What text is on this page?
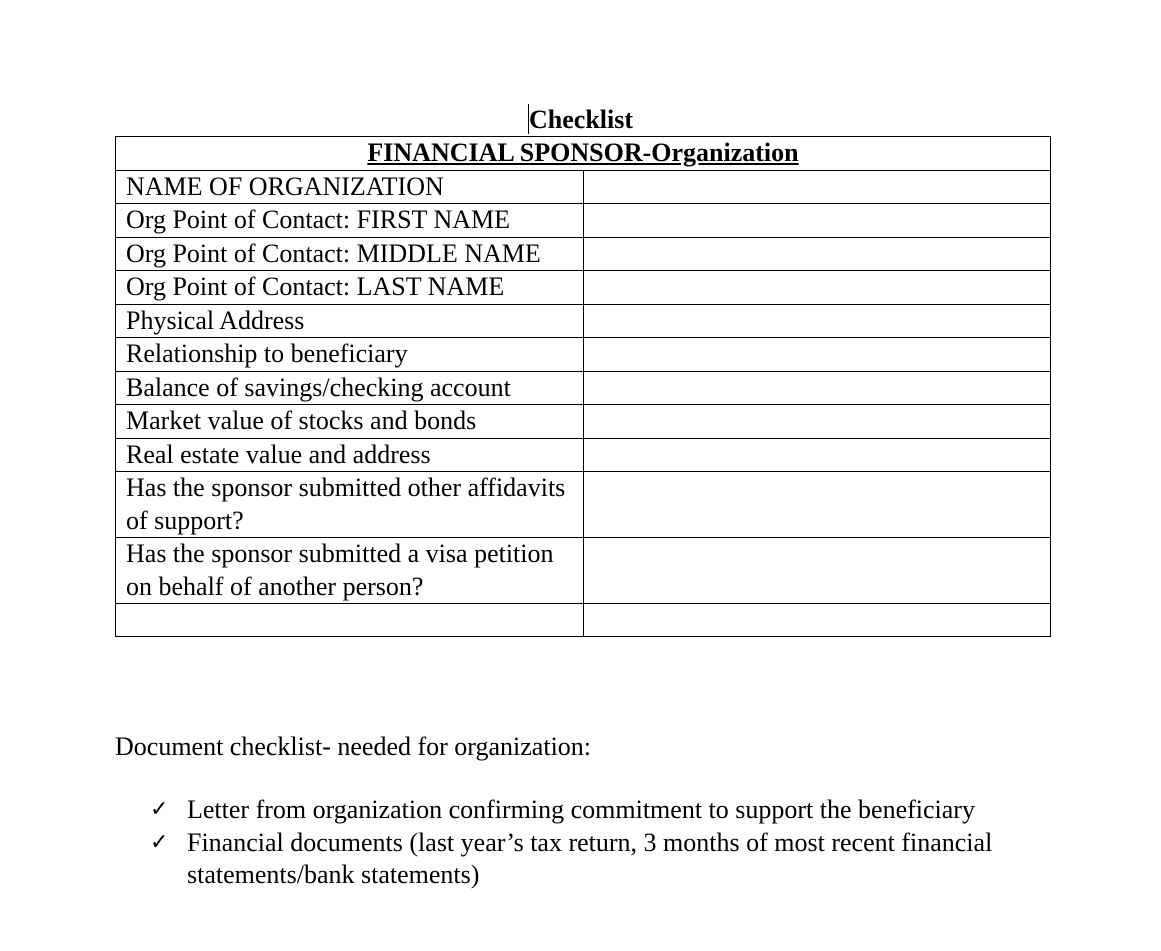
Checklist
FINANCIAL SPONSOR-Organization	
NAME OF ORGANIZATION	
Org Point of Contact: FIRST NAME	
Org Point of Contact: MIDDLE NAME	
Org Point of Contact: LAST NAME	
Physical Address	
Relationship to beneficiary	
Balance of savings/checking account	
Market value of stocks and bonds	
Real estate value and address	
Has the sponsor submitted other affidavits of support?	
Has the sponsor submitted a visa petition on behalf of another person?	

Document checklist- needed for organization:
✓ Letter from organization confirming commitment to support the beneficiary
✓ Financial documents (last year’s tax return, 3 months of most recent financial statements/bank statements)
